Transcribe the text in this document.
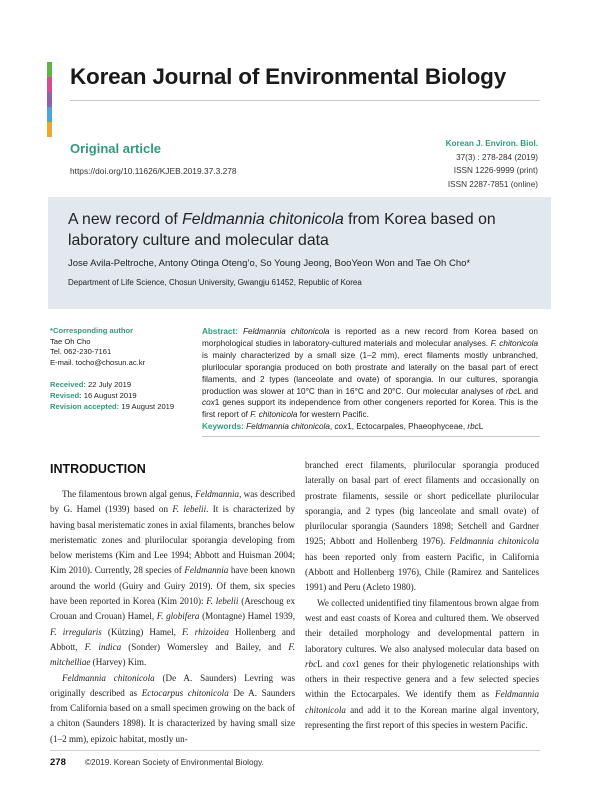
Korean Journal of Environmental Biology
Original article
https://doi.org/10.11626/KJEB.2019.37.3.278
Korean J. Environ. Biol.
37(3) : 278-284 (2019)
ISSN 1226-9999 (print)
ISSN 2287-7851 (online)
A new record of Feldmannia chitonicola from Korea based on laboratory culture and molecular data
Jose Avila-Peltroche, Antony Otinga Oteng’o, So Young Jeong, BooYeon Won and Tae Oh Cho*
Department of Life Science, Chosun University, Gwangju 61452, Republic of Korea
*Corresponding author
Tae Oh Cho
Tel. 062-230-7161
E-mail. tocho@chosun.ac.kr
Received: 22 July 2019
Revised: 16 August 2019
Revision accepted: 19 August 2019
Abstract: Feldmannia chitonicola is reported as a new record from Korea based on morphological studies in laboratory-cultured materials and molecular analyses. F. chitonicola is mainly characterized by a small size (1–2 mm), erect filaments mostly unbranched, plurilocular sporangia produced on both prostrate and laterally on the basal part of erect filaments, and 2 types (lanceolate and ovate) of sporangia. In our cultures, sporangia production was slower at 10°C than in 16°C and 20°C. Our molecular analyses of rbcL and cox1 genes support its independence from other congeners reported for Korea. This is the first report of F. chitonicola for western Pacific.
Keywords: Feldmannia chitonicola, cox1, Ectocarpales, Phaeophyceae, rbcL
INTRODUCTION

The filamentous brown algal genus, Feldmannia, was described by G. Hamel (1939) based on F. lebelii. It is characterized by having basal meristematic zones in axial filaments, branches below meristematic zones and plurilocular sporangia developing from below meristems (Kim and Lee 1994; Abbott and Huisman 2004; Kim 2010). Currently, 28 species of Feldmannia have been known around the world (Guiry and Guiry 2019). Of them, six species have been reported in Korea (Kim 2010): F. lebelii (Areschoug ex Crouan and Crouan) Hamel, F. globifera (Montagne) Hamel 1939, F. irregularis (Kützing) Hamel, F. rhizoidea Hollenberg and Abbott, F. indica (Sonder) Womersley and Bailey, and F. mitchelliae (Harvey) Kim.

Feldmannia chitonicola (De A. Saunders) Levring was originally described as Ectocarpus chitonicola De A. Saunders from California based on a small specimen growing on the back of a chiton (Saunders 1898). It is characterized by having small size (1–2 mm), epizoic habitat, mostly un-

branched erect filaments, plurilocular sporangia produced laterally on basal part of erect filaments and occasionally on prostrate filaments, sessile or short pedicellate plurilocular sporangia, and 2 types (big lanceolate and small ovate) of plurilocular sporangia (Saunders 1898; Setchell and Gardner 1925; Abbott and Hollenberg 1976). Feldmannia chitonicola has been reported only from eastern Pacific, in California (Abbott and Hollenberg 1976), Chile (Ramirez and Santelices 1991) and Peru (Acleto 1980).

We collected unidentified tiny filamentous brown algae from west and east coasts of Korea and cultured them. We observed their detailed morphology and developmental pattern in laboratory cultures. We also analysed molecular data based on rbcL and cox1 genes for their phylogenetic relationships with others in their respective genera and a few selected species within the Ectocarpales. We identify them as Feldmannia chitonicola and add it to the Korean marine algal inventory, representing the first report of this species in western Pacific.

278 ©2019. Korean Society of Environmental Biology.
